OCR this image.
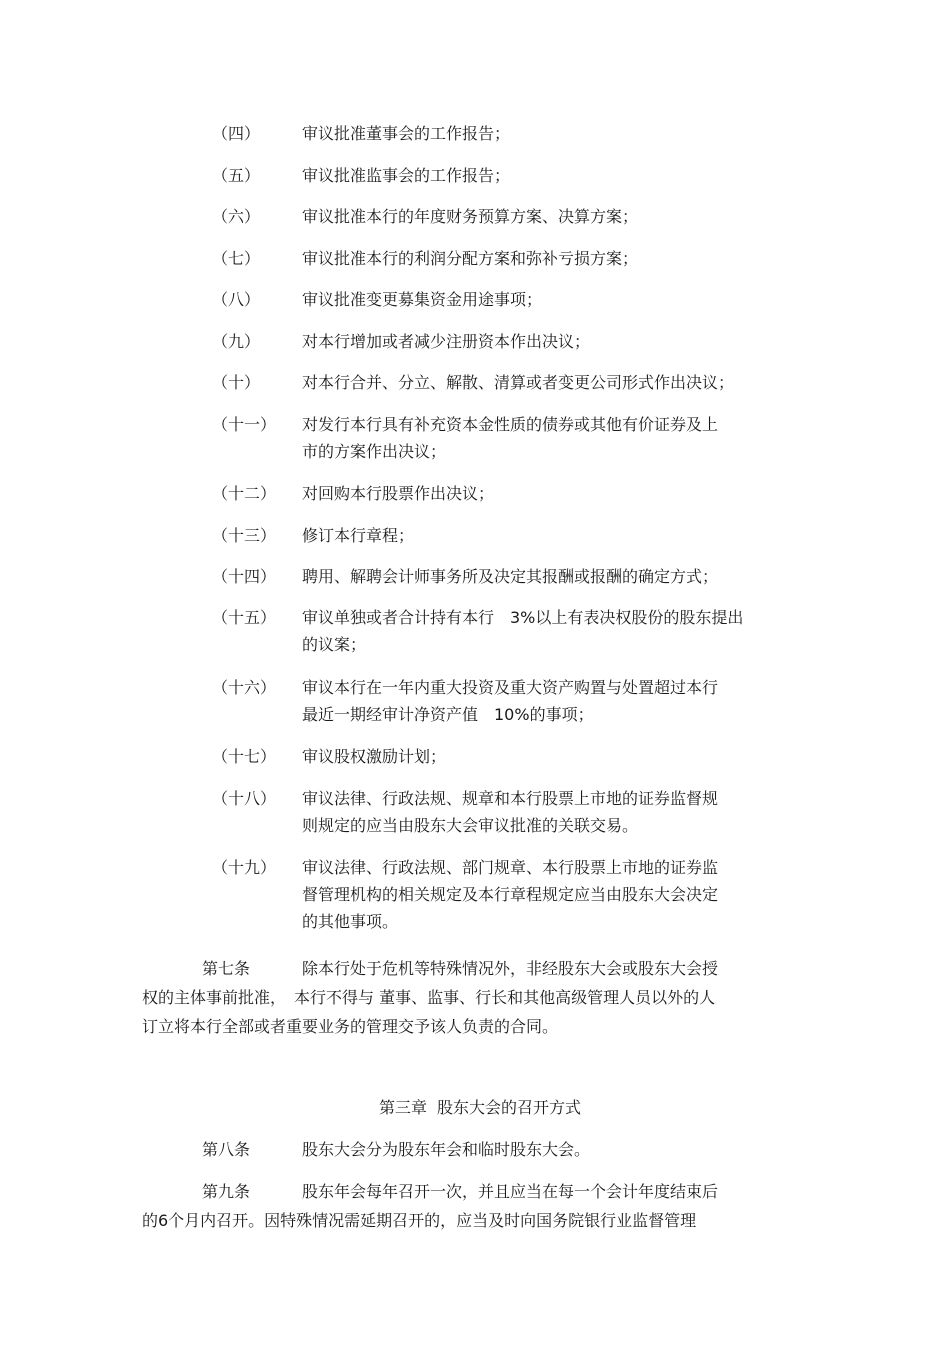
（四）	审议批准董事会的工作报告；
（五）	审议批准监事会的工作报告；
（六）	审议批准本行的年度财务预算方案、决算方案；
（七）	审议批准本行的利润分配方案和弥补亏损方案；
（八）	审议批准变更募集资金用途事项；
（九）	对本行增加或者减少注册资本作出决议；
（十）	对本行合并、分立、解散、清算或者变更公司形式作出决议；
（十一）	对发行本行具有补充资本金性质的债券或其他有价证券及上
市的方案作出决议；
（十二）	对回购本行股票作出决议；
（十三）	修订本行章程；
（十四）	聘用、解聘会计师事务所及决定其报酬或报酬的确定方式；
（十五）	审议单独或者合计持有本行　3%以上有表决权股份的股东提出
的议案；
（十六）	审议本行在一年内重大投资及重大资产购置与处置超过本行
最近一期经审计净资产值　10%的事项；
（十七）	审议股权激励计划；
（十八）	审议法律、行政法规、规章和本行股票上市地的证券监督规
则规定的应当由股东大会审议批准的关联交易。
（十九）	审议法律、行政法规、部门规章、本行股票上市地的证券监
督管理机构的相关规定及本行章程规定应当由股东大会决定
的其他事项。
第七条	除本行处于危机等特殊情况外，非经股东大会或股东大会授
权的主体事前批准，　本行不得与 董事、监事、行长和其他高级管理人员以外的人
订立将本行全部或者重要业务的管理交予该人负责的合同。
第三章 股东大会的召开方式
第八条	股东大会分为股东年会和临时股东大会。
第九条	股东年会每年召开一次，并且应当在每一个会计年度结束后
的6个月内召开。因特殊情况需延期召开的，应当及时向国务院银行业监督管理
